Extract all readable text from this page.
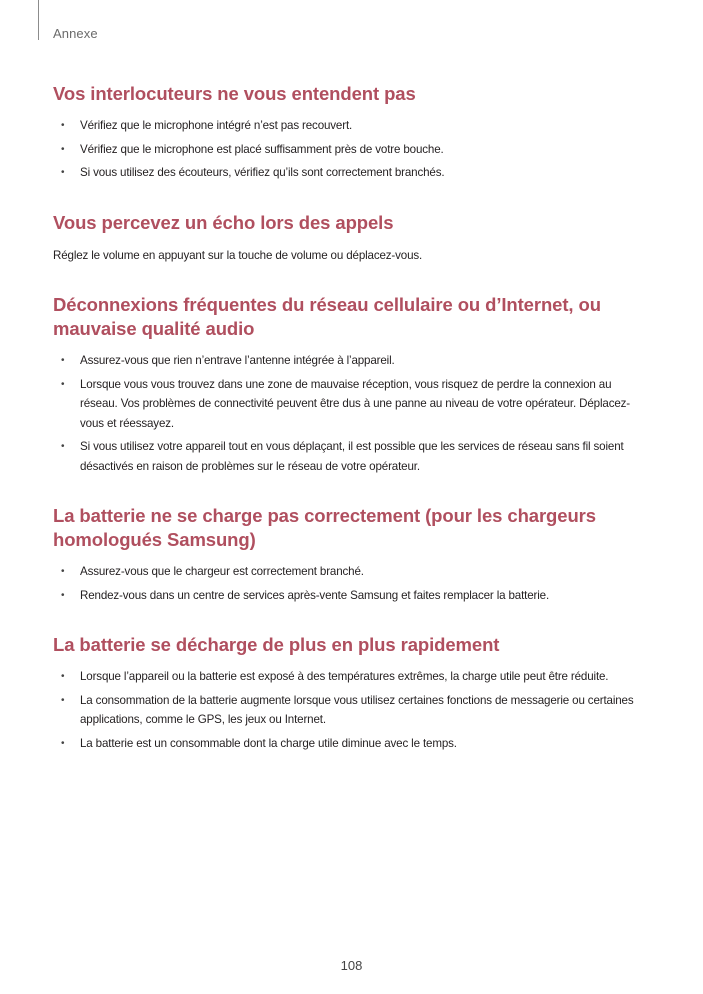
Annexe
Vos interlocuteurs ne vous entendent pas
• Vérifiez que le microphone intégré n’est pas recouvert.
• Vérifiez que le microphone est placé suffisamment près de votre bouche.
• Si vous utilisez des écouteurs, vérifiez qu’ils sont correctement branchés.
Vous percevez un écho lors des appels

Réglez le volume en appuyant sur la touche de volume ou déplacez-vous.

Déconnexions fréquentes du réseau cellulaire ou d’Internet, ou mauvaise qualité audio
• Assurez-vous que rien n’entrave l’antenne intégrée à l’appareil.
• Lorsque vous vous trouvez dans une zone de mauvaise réception, vous risquez de perdre la connexion au réseau. Vos problèmes de connectivité peuvent être dus à une panne au niveau de votre opérateur. Déplacez-vous et réessayez.
• Si vous utilisez votre appareil tout en vous déplaçant, il est possible que les services de réseau sans fil soient désactivés en raison de problèmes sur le réseau de votre opérateur.
La batterie ne se charge pas correctement (pour les chargeurs homologués Samsung)
• Assurez-vous que le chargeur est correctement branché.
• Rendez-vous dans un centre de services après-vente Samsung et faites remplacer la batterie.
La batterie se décharge de plus en plus rapidement
• Lorsque l’appareil ou la batterie est exposé à des températures extrêmes, la charge utile peut être réduite.
• La consommation de la batterie augmente lorsque vous utilisez certaines fonctions de messagerie ou certaines applications, comme le GPS, les jeux ou Internet.
• La batterie est un consommable dont la charge utile diminue avec le temps.
108
